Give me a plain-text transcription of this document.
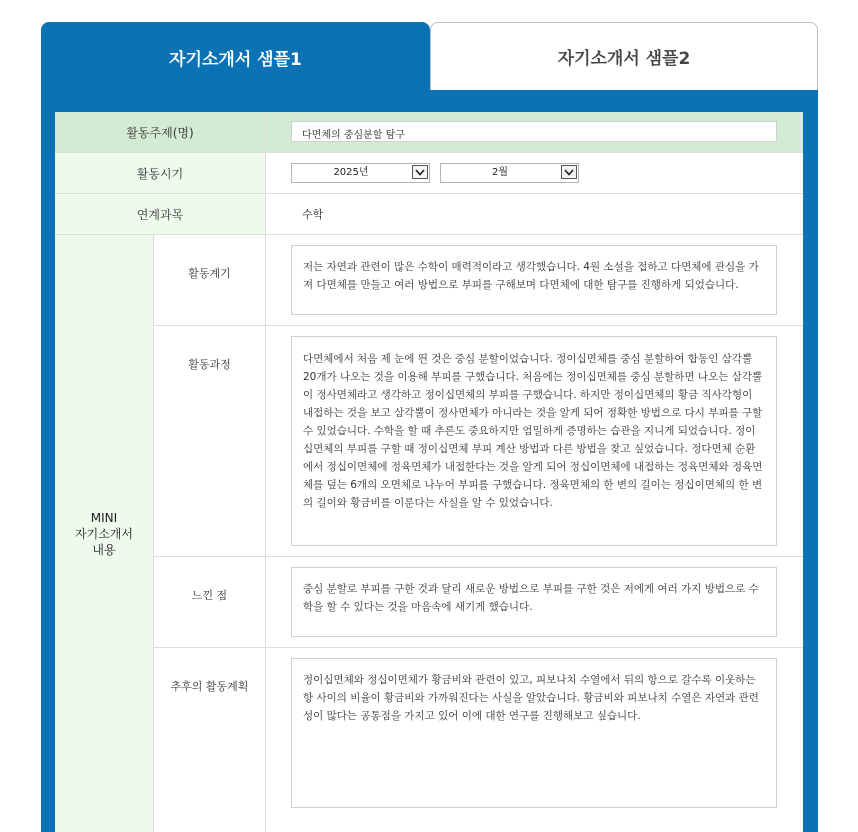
자기소개서 샘플1	자기소개서 샘플2
활동주제(명)	다면체의 중심분할 탐구
활동시기	2025년	2월
연계과목	수학
MINI
자기소개서
내용
활동계기	저는 자연과 관련이 많은 수학이 매력적이라고 생각했습니다. 4원 소설을 접하고 다면체에 관심을 가져 다면체를 만들고 여러 방법으로 부피를 구해보며 다면체에 대한 탐구를 진행하게 되었습니다.
활동과정	다면체에서 처음 제 눈에 띈 것은 중심 분할이었습니다. 정이십면체를 중심 분할하여 합동인 삼각뿔 20개가 나오는 것을 이용해 부피를 구했습니다. 처음에는 정이십면체를 중심 분할하면 나오는 삼각뿔이 정사면체라고 생각하고 정이십면체의 부피를 구했습니다. 하지만 정이십면체의 황금 직사각형이 내접하는 것을 보고 삼각뿔이 정사면체가 아니라는 것을 알게 되어 정확한 방법으로 다시 부피를 구할 수 있었습니다. 수학을 할 때 추론도 중요하지만 엄밀하게 증명하는 습관을 지니게 되었습니다. 정이십면체의 부피를 구할 때 정이십면체 부피 계산 방법과 다른 방법을 찾고 싶었습니다. 정다면체 순환에서 정십이면체에 정육면체가 내접한다는 것을 알게 되어 정십이면체에 내접하는 정육면체와 정육면체를 덮는 6개의 오면체로 나누어 부피를 구했습니다. 정육면체의 한 변의 길이는 정십이면체의 한 변의 길이와 황금비를 이룬다는 사실을 알 수 있었습니다.
느낀 점	중심 분할로 부피를 구한 것과 달리 새로운 방법으로 부피를 구한 것은 저에게 여러 가지 방법으로 수학을 할 수 있다는 것을 마음속에 새기게 했습니다.
추후의 활동계획	정이십면체와 정십이면체가 황금비와 관련이 있고, 피보나치 수열에서 뒤의 항으로 갈수록 이웃하는 항 사이의 비율이 황금비와 가까워진다는 사실을 알았습니다. 황금비와 피보나치 수열은 자연과 관련성이 많다는 공통점을 가지고 있어 이에 대한 연구를 진행해보고 싶습니다.
